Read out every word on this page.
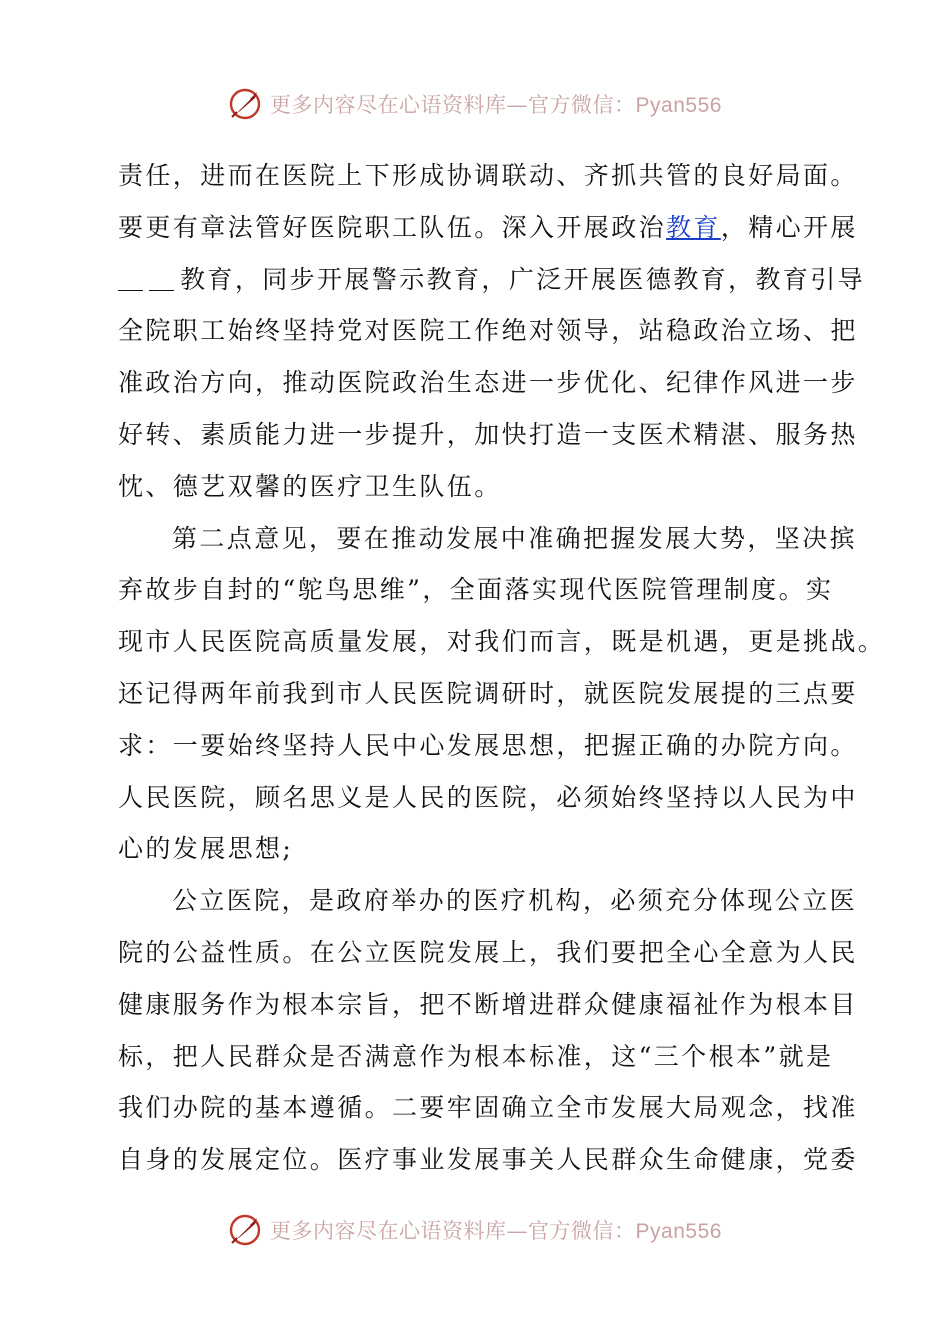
更多内容尽在心语资料库—官方微信：Pyan556
责任，进而在医院上下形成协调联动、齐抓共管的良好局面。
要更有章法管好医院职工队伍。深入开展政治教育，精心开展
＿＿教育，同步开展警示教育，广泛开展医德教育，教育引导
全院职工始终坚持党对医院工作绝对领导，站稳政治立场、把
准政治方向，推动医院政治生态进一步优化、纪律作风进一步
好转、素质能力进一步提升，加快打造一支医术精湛、服务热
忱、德艺双馨的医疗卫生队伍。
第二点意见，要在推动发展中准确把握发展大势，坚决摈
弃故步自封的“鸵鸟思维”，全面落实现代医院管理制度。实
现市人民医院高质量发展，对我们而言，既是机遇，更是挑战。
还记得两年前我到市人民医院调研时，就医院发展提的三点要
求：一要始终坚持人民中心发展思想，把握正确的办院方向。
人民医院，顾名思义是人民的医院，必须始终坚持以人民为中
心的发展思想;
公立医院，是政府举办的医疗机构，必须充分体现公立医
院的公益性质。在公立医院发展上，我们要把全心全意为人民
健康服务作为根本宗旨，把不断增进群众健康福祉作为根本目
标，把人民群众是否满意作为根本标准，这“三个根本”就是
我们办院的基本遵循。二要牢固确立全市发展大局观念，找准
自身的发展定位。医疗事业发展事关人民群众生命健康，党委
更多内容尽在心语资料库—官方微信：Pyan556
